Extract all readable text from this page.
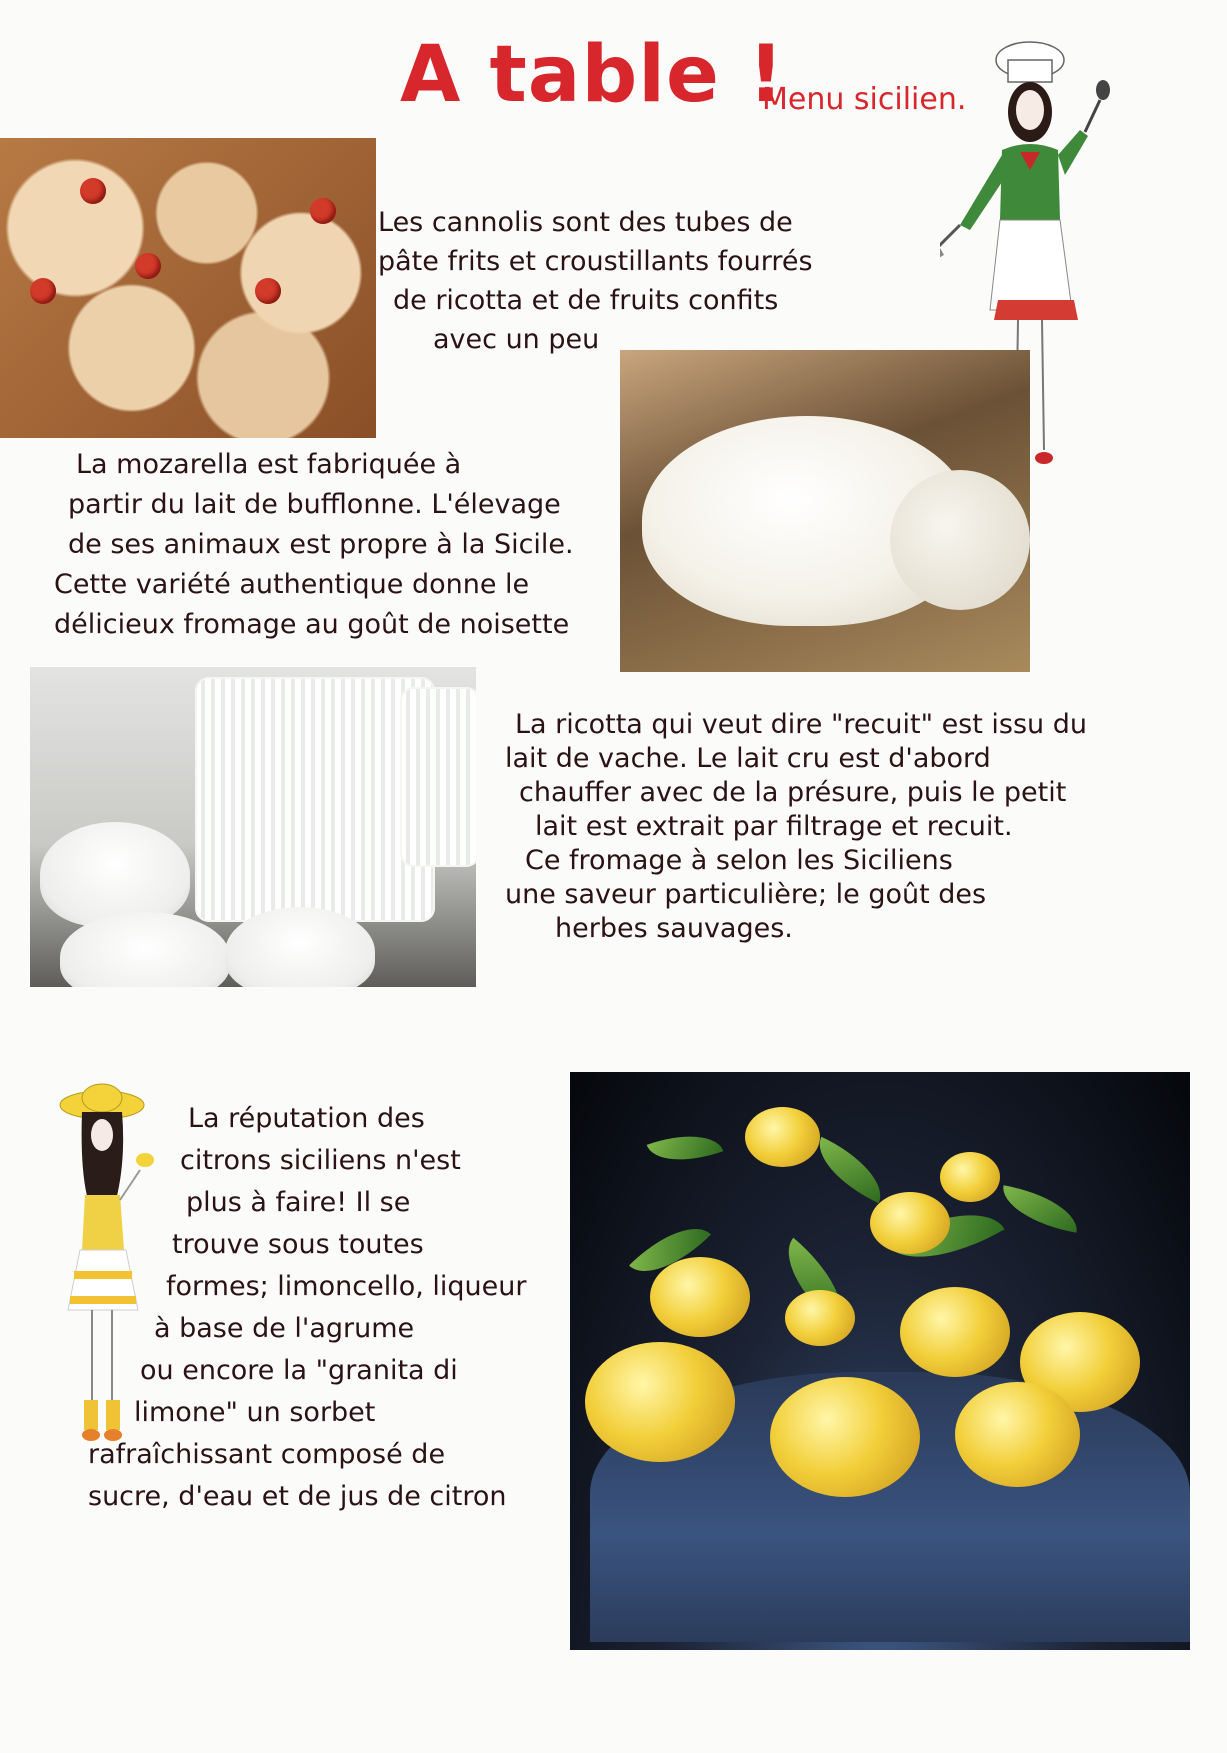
A table !
Menu sicilien.
Les cannolis sont des tubes de
pâte frits et croustillants fourrés
de ricotta et de fruits confits
avec un peu
La mozarella est fabriquée à
partir du lait de bufflonne. L'élevage
de ses animaux est propre à la Sicile.
Cette variété authentique donne le
délicieux fromage au goût de noisette
La ricotta qui veut dire "recuit" est issu du
lait de vache. Le lait cru est d'abord
chauffer avec de la présure, puis le petit
lait est extrait par filtrage et recuit.
Ce fromage à selon les Siciliens
une saveur particulière; le goût des
herbes sauvages.
La réputation des
citrons siciliens n'est
plus à faire! Il se
trouve sous toutes
formes; limoncello, liqueur
à base de l'agrume
ou encore la "granita di
limone" un sorbet
rafraîchissant composé de
sucre, d'eau et de jus de citron
